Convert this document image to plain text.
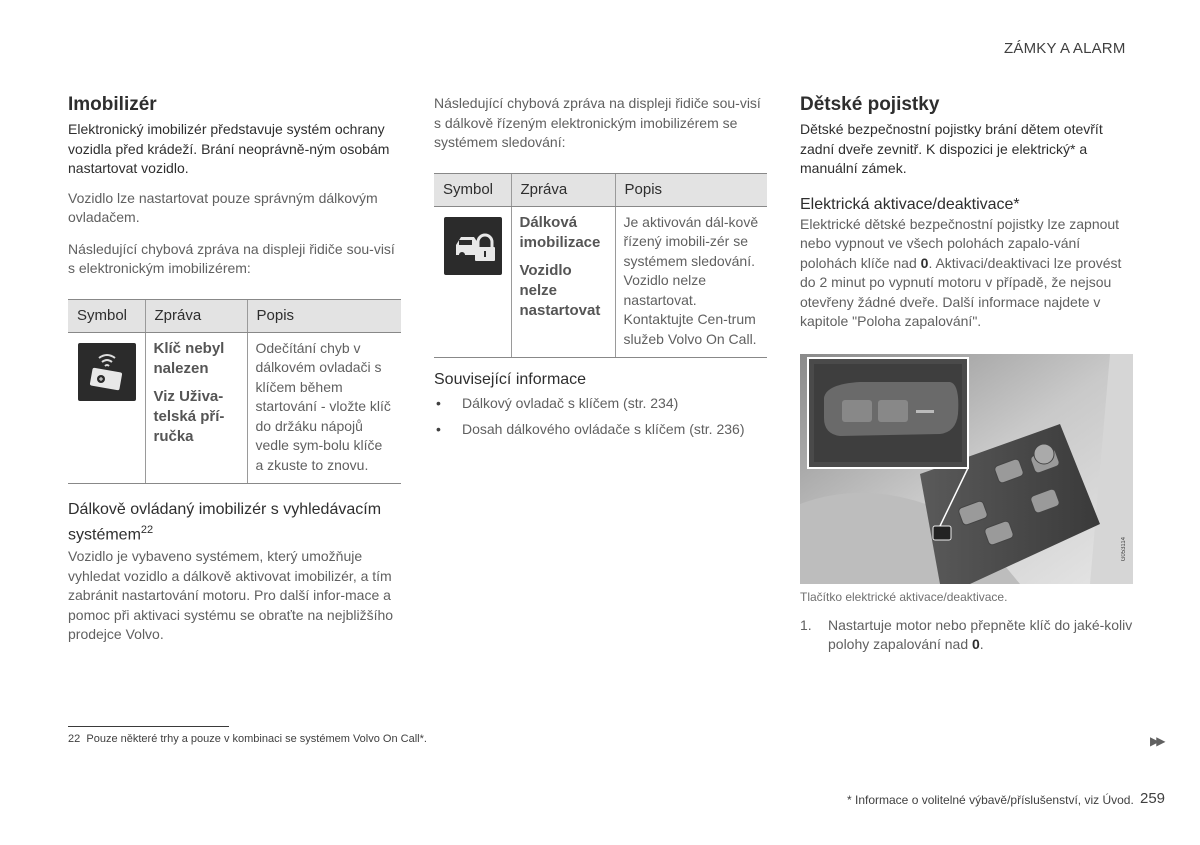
ZÁMKY A ALARM
Imobilizér

Elektronický imobilizér představuje systém ochrany vozidla před krádeží. Brání neoprávně-ným osobám nastartovat vozidlo.

Vozidlo lze nastartovat pouze správným dálkovým ovladačem.

Následující chybová zpráva na displeji řidiče sou-visí s elektronickým imobilizérem:

Symbol	Zpráva	Popis

Klíč nebyl nalezen
Viz Uživa-telská pří-ručka	Odečítání chyb v dálkovém ovladači s klíčem během startování - vložte klíč do držáku nápojů vedle sym-bolu klíče a zkuste to znovu.
Dálkově ovládaný imobilizér s vyhledávacím systémem$^{22}$

Vozidlo je vybaveno systémem, který umožňuje vyhledat vozidlo a dálkově aktivovat imobilizér, a tím zabránit nastartování motoru. Pro další infor-mace a pomoc při aktivaci systému se obraťte na nejbližšího prodejce Volvo.

Následující chybová zpráva na displeji řidiče sou-visí s dálkově řízeným elektronickým imobilizérem se systémem sledování:

Symbol	Zpráva	Popis

Dálková imobilizace
Vozidlo nelze nastartovat	Je aktivován dál-kově řízený imobili-zér se systémem sledování. Vozidlo nelze nastartovat. Kontaktujte Cen-trum služeb Volvo On Call.
Související informace
• Dálkový ovladač s klíčem (str. 234)
• Dosah dálkového ovládače s klíčem (str. 236)
Dětské pojistky

Dětské bezpečnostní pojistky brání dětem otevřít zadní dveře zevnitř. K dispozici je elektrický* a manuální zámek.

Elektrická aktivace/deaktivace*

Elektrické dětské bezpečnostní pojistky lze zapnout nebo vypnout ve všech polohách zapalo-vání polohách klíče nad 0. Aktivaci/deaktivaci lze provést do 2 minut po vypnutí motoru v případě, že nejsou otevřeny žádné dveře. Další informace najdete v kapitole "Poloha zapalování".

G053114
Tlačítko elektrické aktivace/deaktivace.
1. Nastartuje motor nebo přepněte klíč do jaké-koliv polohy zapalování nad 0.
22 Pouze některé trhy a pouze v kombinaci se systémem Volvo On Call*.	▶▶
* Informace o volitelné výbavě/příslušenství, viz Úvod. 259
